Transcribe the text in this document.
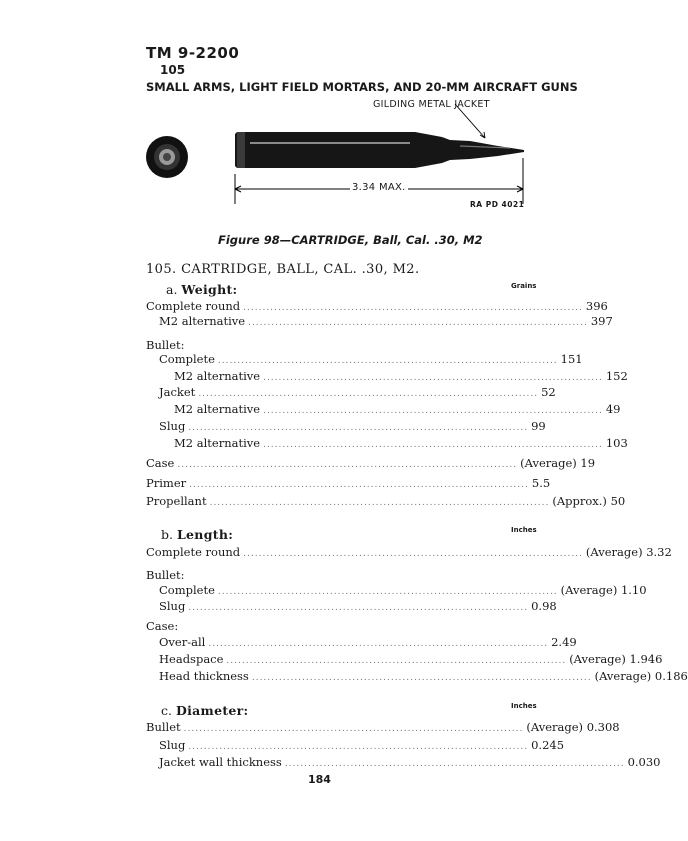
TM 9-2200
105
SMALL ARMS, LIGHT FIELD MORTARS, AND 20-MM AIRCRAFT GUNS
GILDING METAL JACKET
3.34 MAX.
RA PD 4021
Figure 98—CARTRIDGE, Ball, Cal. .30, M2
105. CARTRIDGE, BALL, CAL. .30, M2.
a. Weight:	Grains
Complete round ........................................................................................ 396
M2 alternative ........................................................................................ 397
Bullet:
Complete ........................................................................................ 151
M2 alternative ........................................................................................ 152
Jacket ........................................................................................ 52
M2 alternative ........................................................................................ 49
Slug ........................................................................................ 99
M2 alternative ........................................................................................ 103
Case ........................................................................................ (Average) 19
Primer ........................................................................................ 5.5
Propellant ........................................................................................ (Approx.) 50
b. Length:	Inches
Complete round ........................................................................................ (Average) 3.32
Bullet:
Complete ........................................................................................ (Average) 1.10
Slug ........................................................................................ 0.98
Case:
Over-all ........................................................................................ 2.49
Headspace ........................................................................................ (Average) 1.946
Head thickness ........................................................................................ (Average) 0.186
c. Diameter:	Inches
Bullet ........................................................................................ (Average) 0.308
Slug ........................................................................................ 0.245
Jacket wall thickness ........................................................................................ 0.030
184
